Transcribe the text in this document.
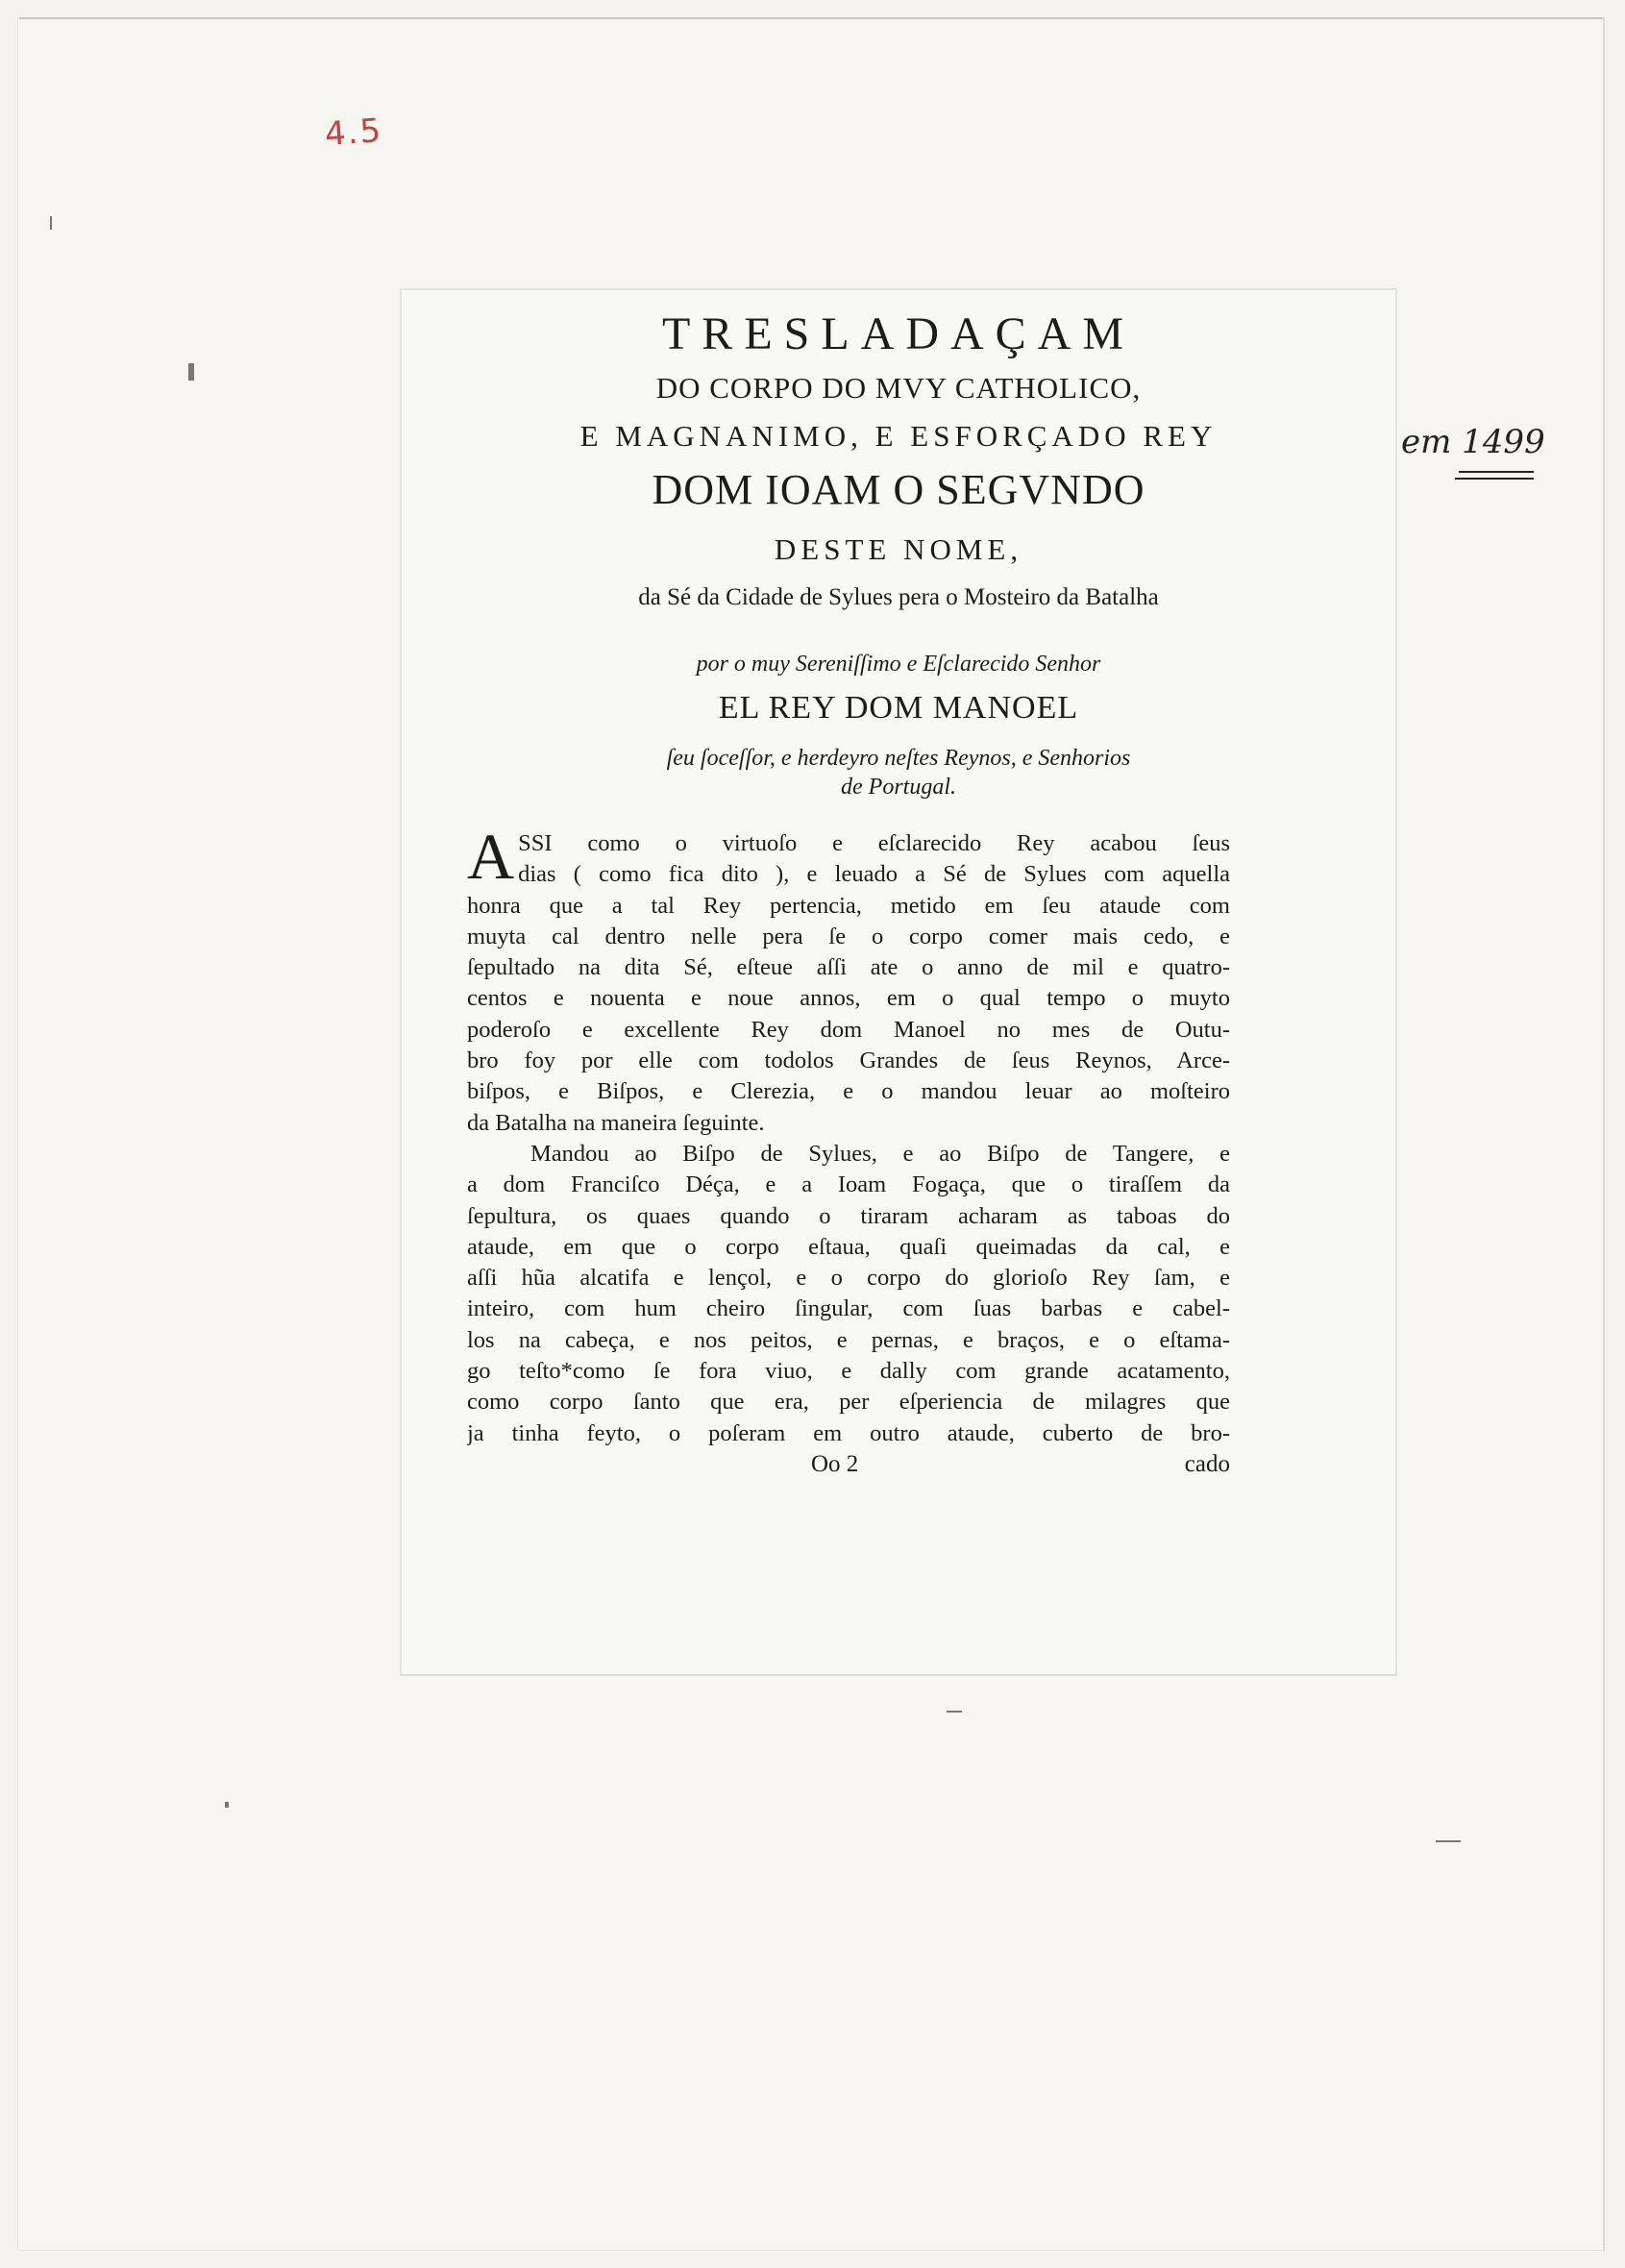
4.5
em 1499
TRESLADAÇAM
DO CORPO DO MVY CATHOLICO,
E MAGNANIMO, E ESFORÇADO REY
DOM IOAM O SEGVNDO
DESTE NOME,
da Sé da Cidade de Sylues pera o Mosteiro da Batalha
por o muy Sereniſſimo e Eſclarecido Senhor
EL REY DOM MANOEL
ſeu ſoceſſor, e herdeyro neſtes Reynos, e Senhorios
de Portugal.
A SSI como o virtuoſo e eſclarecido Rey acabou ſeus
dias ( como fica dito ), e leuado a Sé de Sylues com aquella
honra que a tal Rey pertencia, metido em ſeu ataude com
muyta cal dentro nelle pera ſe o corpo comer mais cedo, e
ſepultado na dita Sé, eſteue aſſi ate o anno de mil e quatro-
centos e nouenta e noue annos, em o qual tempo o muyto
poderoſo e excellente Rey dom Manoel no mes de Outu-
bro foy por elle com todolos Grandes de ſeus Reynos, Arce-
biſpos, e Biſpos, e Clerezia, e o mandou leuar ao moſteiro
da Batalha na maneira ſeguinte.
Mandou ao Biſpo de Sylues, e ao Biſpo de Tangere, e
a dom Franciſco Déça, e a Ioam Fogaça, que o tiraſſem da
ſepultura, os quaes quando o tiraram acharam as taboas do
ataude, em que o corpo eſtaua, quaſi queimadas da cal, e
aſſi hũa alcatifa e lençol, e o corpo do glorioſo Rey ſam, e
inteiro, com hum cheiro ſingular, com ſuas barbas e cabel-
los na cabeça, e nos peitos, e pernas, e braços, e o eſtama-
go teſto*como ſe fora viuo, e dally com grande acatamento,
como corpo ſanto que era, per eſperiencia de milagres que
ja tinha feyto, o poſeram em outro ataude, cuberto de bro-
Oo 2	cado
